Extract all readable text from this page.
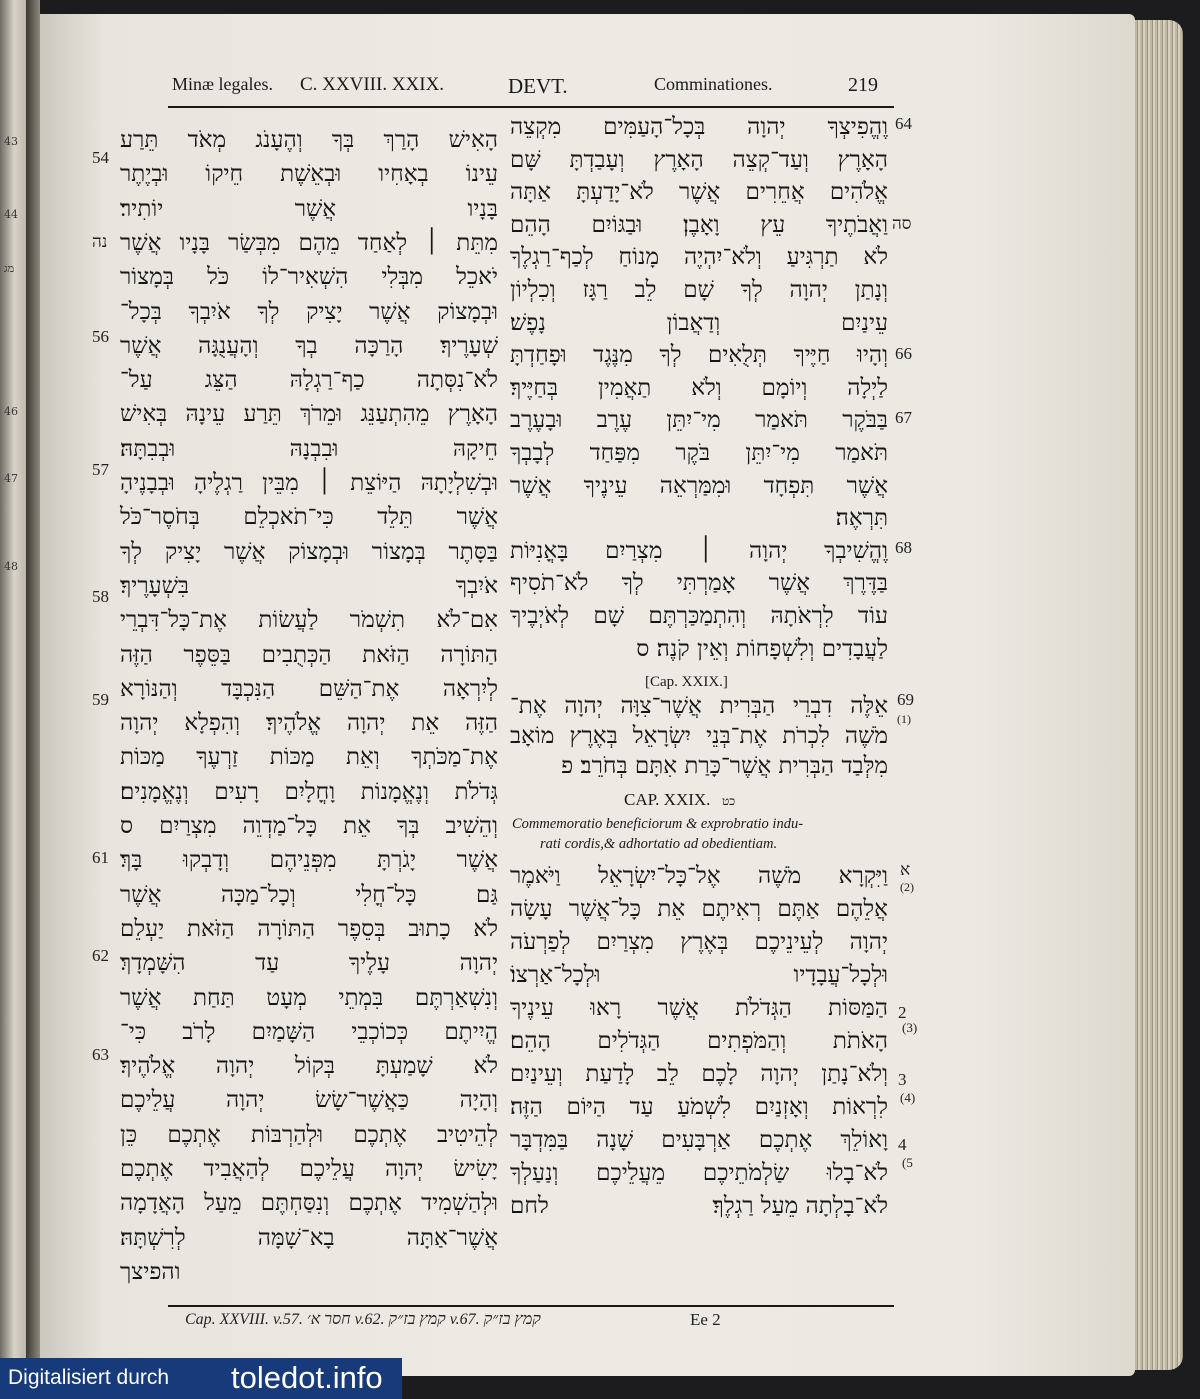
43
44
מג
46
47
48
Minæ legales. C. XXVIII. XXIX.	DEVT.	Comminationes.	219
הָאִישׁ הָרַךְ בְּךָ וְהֶעָנֹג מְאֹד תֵּרַע
עֵינוֹ בְאָחִיו וּבְאֵשֶׁת חֵיקוֹ וּבְיֶתֶר
בָּנָיו אֲשֶׁר יוֹתִיר׃
מִתֵּת ׀ לְאַחַד מֵהֶם מִבְּשַׂר בָּנָיו אֲשֶׁר
יֹאכֵל מִבְּלִי הִשְׁאִיר־לוֹ כֹּל בְּמָצוֹר
וּבְמָצוֹק אֲשֶׁר יָצִיק לְךָ אֹיִבְךָ בְּכָל־
שְׁעָרֶיךָ׃ הָרַכָּה בְךָ וְהָעֲנֻגָּה אֲשֶׁר
לֹא־נִסְּתָה כַף־רַגְלָהּ הַצֵּג עַל־
הָאָרֶץ מֵהִתְעַנֵּג וּמֵרֹךְ תֵּרַע עֵינָהּ בְּאִישׁ
חֵיקָהּ וּבִבְנָהּ וּבְבִתָּהּ׃
וּבְשִׁלְיָתָהּ הַיּוֹצֵת ׀ מִבֵּין רַגְלֶיהָ וּבְבָנֶיהָ
אֲשֶׁר תֵּלֵד כִּי־תֹאכְלֵם בְּחֹסֶר־כֹּל
בַּסָּתֶר בְּמָצוֹר וּבְמָצוֹק אֲשֶׁר יָצִיק לְךָ
אֹיִבְךָ בִּשְׁעָרֶיךָ׃
אִם־לֹא תִשְׁמֹר לַעֲשׂוֹת אֶת־כָּל־דִּבְרֵי
הַתּוֹרָה הַזֹּאת הַכְּתֻבִים בַּסֵּפֶר הַזֶּה
לְיִרְאָה אֶת־הַשֵּׁם הַנִּכְבָּד וְהַנּוֹרָא
הַזֶּה אֵת יְהוָה אֱלֹהֶיךָ׃ וְהִפְלָא יְהוָה
אֶת־מַכֹּתְךָ וְאֵת מַכּוֹת זַרְעֶךָ מַכּוֹת
גְּדֹלֹת וְנֶאֱמָנוֹת וָחֳלָיִם רָעִים וְנֶאֱמָנִים׃
וְהֵשִׁיב בְּךָ אֵת כָּל־מַדְוֵה מִצְרַיִם ס
אֲשֶׁר יָגֹרְתָּ מִפְּנֵיהֶם וְדָבְקוּ בָּךְ׃
גַּם כָּל־חֳלִי וְכָל־מַכָּה אֲשֶׁר
לֹא כָתוּב בְּסֵפֶר הַתּוֹרָה הַזֹּאת יַעְלֵם
יְהוָה עָלֶיךָ עַד הִשָּׁמְדָךְ׃
וְנִשְׁאַרְתֶּם בִּמְתֵי מְעָט תַּחַת אֲשֶׁר
הֱיִיתֶם כְּכוֹכְבֵי הַשָּׁמַיִם לָרֹב כִּי־
לֹא שָׁמַעְתָּ בְּקוֹל יְהוָה אֱלֹהֶיךָ׃
וְהָיָה כַּאֲשֶׁר־שָׂשׂ יְהוָה עֲלֵיכֶם
לְהֵיטִיב אֶתְכֶם וּלְהַרְבּוֹת אֶתְכֶם כֵּן
יָשִׂישׂ יְהוָה עֲלֵיכֶם לְהַאֲבִיד אֶתְכֶם
וּלְהַשְׁמִיד אֶתְכֶם וְנִסַּחְתֶּם מֵעַל הָאֲדָמָה
אֲשֶׁר־אַתָּה בָא־שָׁמָּה לְרִשְׁתָּהּ׃
והפיצך
54
נה
56
57
58
59
61
62
63
וֶהֱפִיצְךָ יְהוָה בְּכָל־הָעַמִּים מִקְצֵה
הָאָרֶץ וְעַד־קְצֵה הָאָרֶץ וְעָבַדְתָּ שָּׁם
אֱלֹהִים אֲחֵרִים אֲשֶׁר לֹא־יָדַעְתָּ אַתָּה
וַאֲבֹתֶיךָ עֵץ וָאָבֶן׃ וּבַגּוֹיִם הָהֵם
לֹא תַרְגִּיעַ וְלֹא־יִהְיֶה מָנוֹחַ לְכַף־רַגְלֶךָ
וְנָתַן יְהוָה לְךָ שָׁם לֵב רַגָּז וְכִלְיוֹן
עֵינַיִם וְדַאֲבוֹן נָפֶשׁ׃
וְהָיוּ חַיֶּיךָ תְּלֻאִים לְךָ מִנֶּגֶד וּפָחַדְתָּ
לַיְלָה וְיוֹמָם וְלֹא תַאֲמִין בְּחַיֶּיךָ׃
בַּבֹּקֶר תֹּאמַר מִי־יִתֵּן עֶרֶב וּבָעֶרֶב
תֹּאמַר מִי־יִתֵּן בֹּקֶר מִפַּחַד לְבָבְךָ
אֲשֶׁר תִּפְחָד וּמִמַּרְאֵה עֵינֶיךָ אֲשֶׁר
תִּרְאֶה׃
וֶהֱשִׁיבְךָ יְהוָה ׀ מִצְרַיִם בָּאֳנִיּוֹת
בַּדֶּרֶךְ אֲשֶׁר אָמַרְתִּי לְךָ לֹא־תֹסִיף
עוֹד לִרְאֹתָהּ וְהִתְמַכַּרְתֶּם שָׁם לְאֹיְבֶיךָ
לַעֲבָדִים וְלִשְׁפָחוֹת וְאֵין קֹנֶה׃ ס
[Cap. XXIX.]
אֵלֶּה דִבְרֵי הַבְּרִית אֲשֶׁר־צִוָּה יְהוָה אֶת־
מֹשֶׁה לִכְרֹת אֶת־בְּנֵי יִשְׂרָאֵל בְּאֶרֶץ מוֹאָב
מִלְּבַד הַבְּרִית אֲשֶׁר־כָּרַת אִתָּם בְּחֹרֵב׃ פ
CAP. XXIX. כט
Commemoratio beneficiorum & exprobratio indu-
rati cordis,& adhortatio ad obedientiam.
וַיִּקְרָא מֹשֶׁה אֶל־כָּל־יִשְׂרָאֵל וַיֹּאמֶר
אֲלֵהֶם אַתֶּם רְאִיתֶם אֵת כָּל־אֲשֶׁר עָשָׂה
יְהוָה לְעֵינֵיכֶם בְּאֶרֶץ מִצְרַיִם לְפַרְעֹה
וּלְכָל־עֲבָדָיו וּלְכָל־אַרְצוֹ׃
הַמַּסּוֹת הַגְּדֹלֹת אֲשֶׁר רָאוּ עֵינֶיךָ
הָאֹתֹת וְהַמֹּפְתִים הַגְּדֹלִים הָהֵם׃
וְלֹא־נָתַן יְהוָה לָכֶם לֵב לָדַעַת וְעֵינַיִם
לִרְאוֹת וְאָזְנַיִם לִשְׁמֹעַ עַד הַיּוֹם הַזֶּה׃
וָאוֹלֵךְ אֶתְכֶם אַרְבָּעִים שָׁנָה בַּמִּדְבָּר
לֹא־בָלוּ שַׂלְמֹתֵיכֶם מֵעֲלֵיכֶם וְנַעַלְךָ
לֹא־בָלְתָה מֵעַל רַגְלֶךָ׃
לחם
64
סה
66
67
68
69
(1)
א
(2)
2
(3)
3
(4)
4
(5
Cap. XXVIII. v.57. חסר א׳ v.62. קמץ בז״ק v.67. קמץ בז״ק	Ee 2
Digitalisiert durch toledot.info
